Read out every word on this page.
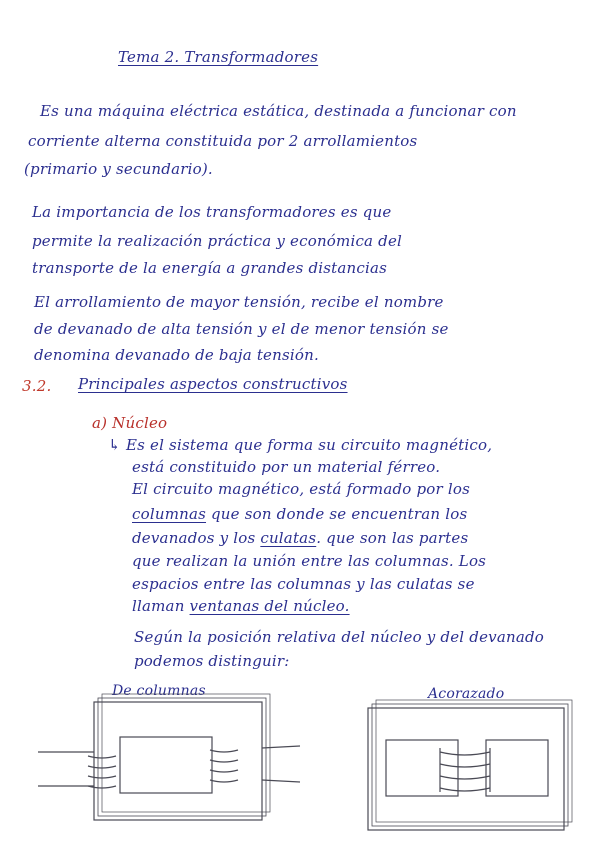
Tema 2. Transformadores

Es una máquina eléctrica estática, destinada a funcionar con

corriente alterna constituida por 2 arrollamientos

(primario y secundario).

La importancia de los transformadores es que

permite la realización práctica y económica del

transporte de la energía a grandes distancias

El arrollamiento de mayor tensión, recibe el nombre

de devanado de alta tensión y el de menor tensión se

denomina devanado de baja tensión.

3.2. Principales aspectos constructivos

a) Núcleo

↳ Es el sistema que forma su circuito magnético,

está constituido por un material férreo.

El circuito magnético, está formado por los

columnas que son donde se encuentran los

devanados y los culatas. que son las partes

que realizan la unión entre las columnas. Los

espacios entre las columnas y las culatas se

llaman ventanas del núcleo.

Según la posición relativa del núcleo y del devanado

podemos distinguir:

De columnas	Acorazado
